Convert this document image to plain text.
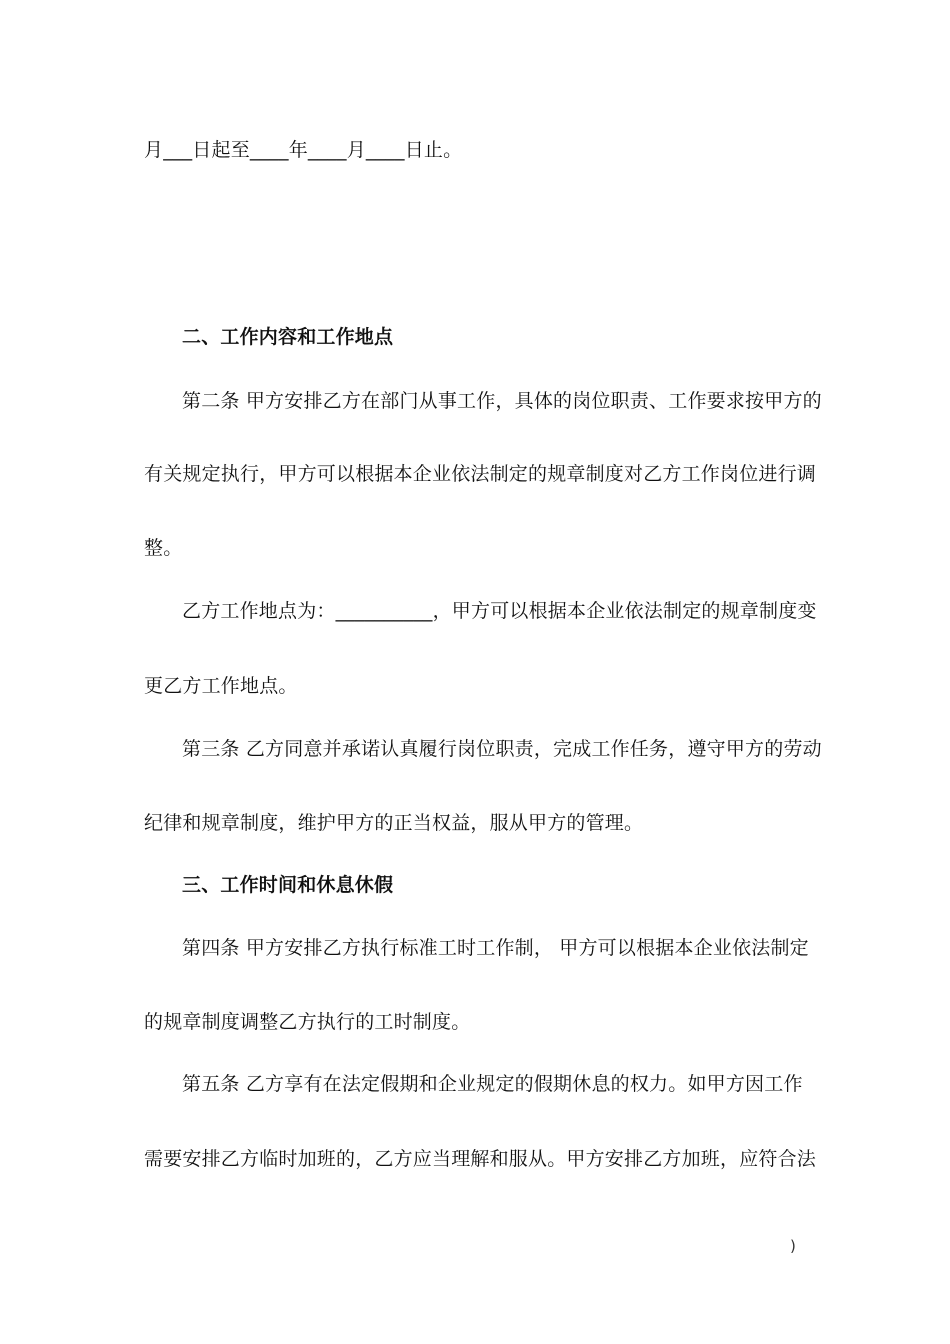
月___日起至____年____月____日止。
二、工作内容和工作地点
第二条 甲方安排乙方在部门从事工作，具体的岗位职责、工作要求按甲方的
有关规定执行，甲方可以根据本企业依法制定的规章制度对乙方工作岗位进行调
整。
乙方工作地点为：__________，甲方可以根据本企业依法制定的规章制度变
更乙方工作地点。
第三条 乙方同意并承诺认真履行岗位职责，完成工作任务，遵守甲方的劳动
纪律和规章制度，维护甲方的正当权益，服从甲方的管理。
三、工作时间和休息休假
第四条 甲方安排乙方执行标准工时工作制， 甲方可以根据本企业依法制定
的规章制度调整乙方执行的工时制度。
第五条 乙方享有在法定假期和企业规定的假期休息的权力。如甲方因工作
需要安排乙方临时加班的，乙方应当理解和服从。甲方安排乙方加班，应符合法
)
